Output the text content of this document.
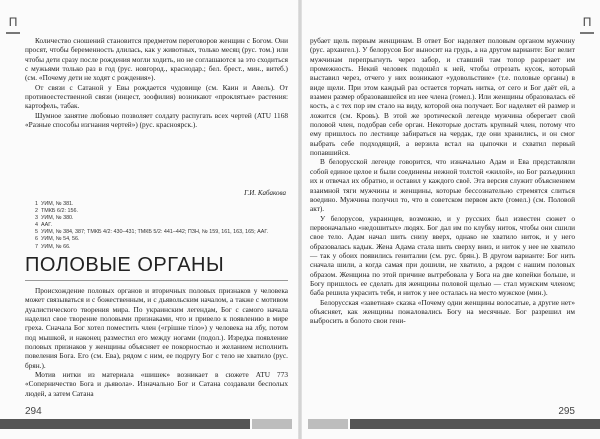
П

Количество сношений становится предметом переговоров женщин с Богом. Они просят, чтобы беременность длилась, как у животных, только месяц (рус. том.) или чтобы дети сразу после рождения могли ходить, но не соглашаются за это сходиться с мужьями только раз в год (рус. новгород., краснодар.; бел. брест., мин., витеб.) (см. «Почему дети не ходят с рождения»).

От связи с Сатаной у Евы рождается чудовище (см. Каин и Авель). От противоестественной связи (инцест, зоофилия) возникают «проклятые» растения: картофель, табак.

Шумное занятие любовью позволяет солдату распугать всех чертей (ATU 1168 «Разные способы изгнания чертей») (рус. красноярск.).

Г.И. Кабакова
1 УИМ, № 381.
2 ТМКБ 6/2: 156.
3 УИМ, № 380.
4 ААГ.
5 УИМ, № 384, 387; ТМКБ 4/2: 430–431; ТМКБ 5/2: 441–442; ПЗН, № 159, 161, 163, 165; ААГ.
6 УИМ, № 54, 56.
7 УИМ, № 66.
ПОЛОВЫЕ ОРГАНЫ

Происхождение половых органов и вторичных половых признаков у человека может связываться и с божественным, и с дьявольским началом, а также с мотивом дуалистического творения мира. По украинским легендам, Бог с самого начала наделил свое творение половыми признаками, что и привело к появлению в мире греха. Сначала Бог хотел поместить член («грішне тіло») у человека на лбу, потом под мышкой, и наконец разместил его между ногами (подол.). Изредка появление половых признаков у женщины объясняет ее покорностью и желанием исполнить повеления Бога. Его (см. Ева), рядом с ним, ее подругу Бог с тело не хватило (рус. брян.).

Мотив нитки из материала «шишек» возникает в сюжете ATU 773 «Соперничество Бога и дьявола». Изначально Бог и Сатана создавали бесполых людей, а затем Сатана

294
П

рубает щель первым женщинам. В ответ Бог наделяет половым органом мужчину (рус. архангел.). У белорусов Бог выносит на грудь, а на другом варианте: Бог велит мужчинам перепрыгнуть через забор, и ставший там топор разрезает им промежность. Некий человек подошёл к ней, чтобы отрезать кусок, который выставил через, отчего у них возникают «удовольствие» (т.е. половые органы) в виде щели. При этом каждый раз остается торчать нитка, от сего и Бог даёт ей, а взамен размер образовавшейся из нее члена (гомел.). Или женщины образовалась её кость, а с тех пор им стало на виду, которой она получает. Бог наделяет ей размер и ложится (см. Кровь). В этой же эротической легенде мужчина оберегает свой половой член, подобрав себе орган. Некоторые достать крупный член, потому что ему пришлось по лестнице забираться на чердак, где они хранились, и он смог выбрать себе подходящий, а верзила встал на цыпочки и схватил первый попавшийся.

В белорусской легенде говорится, что изначально Адам и Ева представляли собой единое целое и были соединены нежной толстой «жилой», но Бог разъединил их и отвечал их обратно, и оставил у каждого своё. Эта версия служит объяснением взаимной тяги мужчины и женщины, которые бессознательно стремятся слиться воедино. Мужчина получил то, что в советском первом акте (гомел.) (см. Половой акт).

У белорусов, украинцев, возможно, и у русских был известен сюжет о первоначально «недошитых» людях. Бог дал им по клубку ниток, чтобы они сшили свое тело. Адам начал шить снизу вверх, однако не хватило ниток, и у него образовалась кадык. Жена Адама стала шить сверху вниз, и ниток у нее не хватило — так у обоих появились гениталии (см. рус. брян.). В другом варианте: Бог нить сначала шили, а когда самая при дошили, не хватило, а рядом с нашим половых образом. Женщина по этой причине вытребовала у Бога на две копейки больше, и Богу пришлось ее сделать для женщины половой щелью — стал мужским членом; баба решила украсить тебя, и ниток у нее осталась на место мужское (мин.).

Белорусская «заветная» сказка «Почему одни женщины волосатые, а другие нет» объясняет, как женщины пожаловались Богу на месячные. Бог разрешил им выбросить в болото свои гени-

295
